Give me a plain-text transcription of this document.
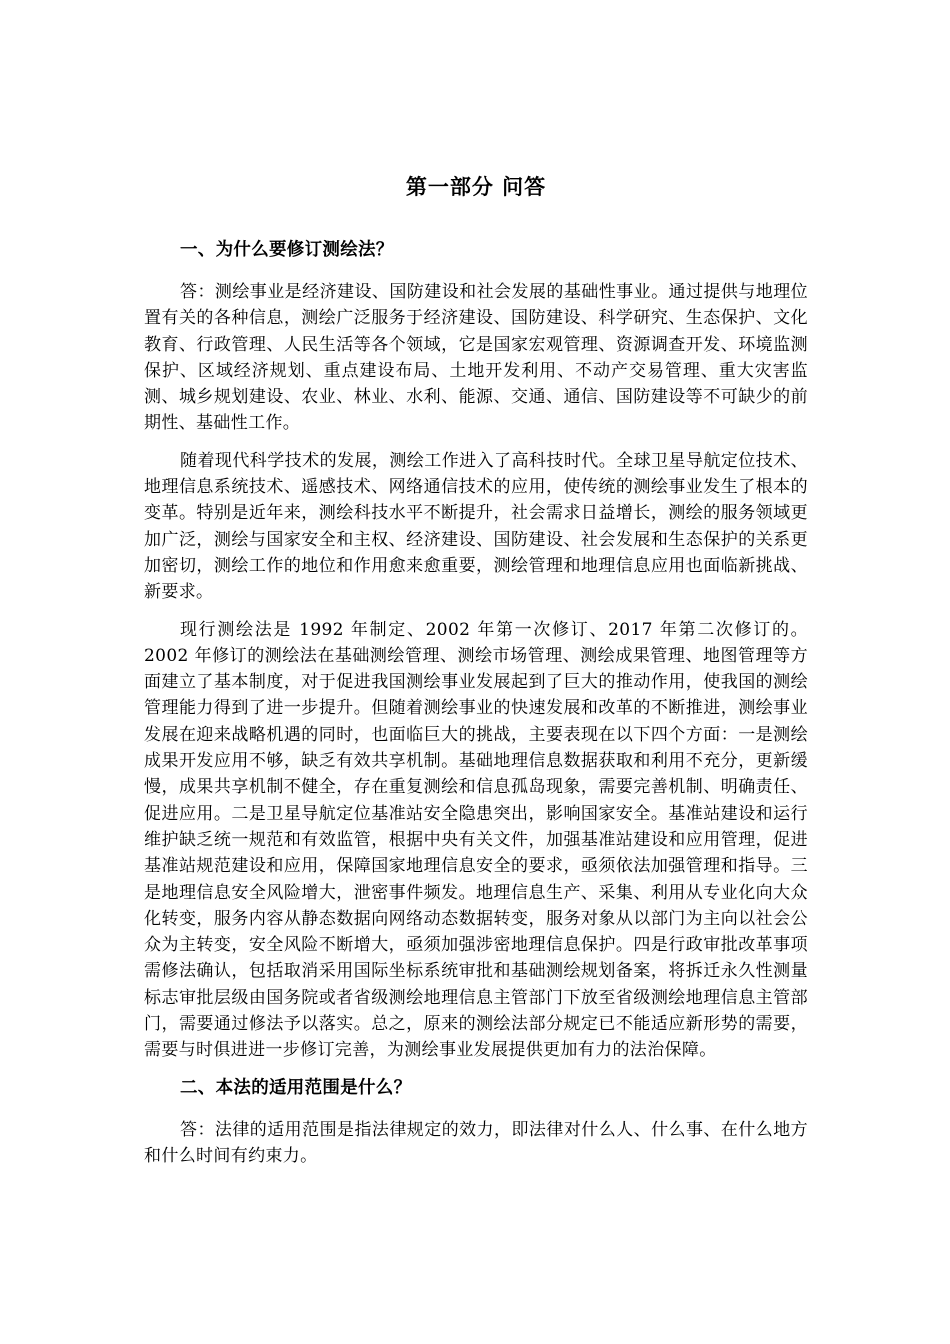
第一部分 问答
一、为什么要修订测绘法？

答：测绘事业是经济建设、国防建设和社会发展的基础性事业。通过提供与地理位置有关的各种信息，测绘广泛服务于经济建设、国防建设、科学研究、生态保护、文化教育、行政管理、人民生活等各个领域，它是国家宏观管理、资源调查开发、环境监测保护、区域经济规划、重点建设布局、土地开发利用、不动产交易管理、重大灾害监测、城乡规划建设、农业、林业、水利、能源、交通、通信、国防建设等不可缺少的前期性、基础性工作。

随着现代科学技术的发展，测绘工作进入了高科技时代。全球卫星导航定位技术、地理信息系统技术、遥感技术、网络通信技术的应用，使传统的测绘事业发生了根本的变革。特别是近年来，测绘科技水平不断提升，社会需求日益增长，测绘的服务领域更加广泛，测绘与国家安全和主权、经济建设、国防建设、社会发展和生态保护的关系更加密切，测绘工作的地位和作用愈来愈重要，测绘管理和地理信息应用也面临新挑战、新要求。

现行测绘法是 1992 年制定、2002 年第一次修订、2017 年第二次修订的。2002 年修订的测绘法在基础测绘管理、测绘市场管理、测绘成果管理、地图管理等方面建立了基本制度，对于促进我国测绘事业发展起到了巨大的推动作用，使我国的测绘管理能力得到了进一步提升。但随着测绘事业的快速发展和改革的不断推进，测绘事业发展在迎来战略机遇的同时，也面临巨大的挑战，主要表现在以下四个方面：一是测绘成果开发应用不够，缺乏有效共享机制。基础地理信息数据获取和利用不充分，更新缓慢，成果共享机制不健全，存在重复测绘和信息孤岛现象，需要完善机制、明确责任、促进应用。二是卫星导航定位基准站安全隐患突出，影响国家安全。基准站建设和运行维护缺乏统一规范和有效监管，根据中央有关文件，加强基准站建设和应用管理，促进基准站规范建设和应用，保障国家地理信息安全的要求，亟须依法加强管理和指导。三是地理信息安全风险增大，泄密事件频发。地理信息生产、采集、利用从专业化向大众化转变，服务内容从静态数据向网络动态数据转变，服务对象从以部门为主向以社会公众为主转变，安全风险不断增大，亟须加强涉密地理信息保护。四是行政审批改革事项需修法确认，包括取消采用国际坐标系统审批和基础测绘规划备案，将拆迁永久性测量标志审批层级由国务院或者省级测绘地理信息主管部门下放至省级测绘地理信息主管部门，需要通过修法予以落实。总之，原来的测绘法部分规定已不能适应新形势的需要，需要与时俱进进一步修订完善，为测绘事业发展提供更加有力的法治保障。

二、本法的适用范围是什么？

答：法律的适用范围是指法律规定的效力，即法律对什么人、什么事、在什么地方和什么时间有约束力。
